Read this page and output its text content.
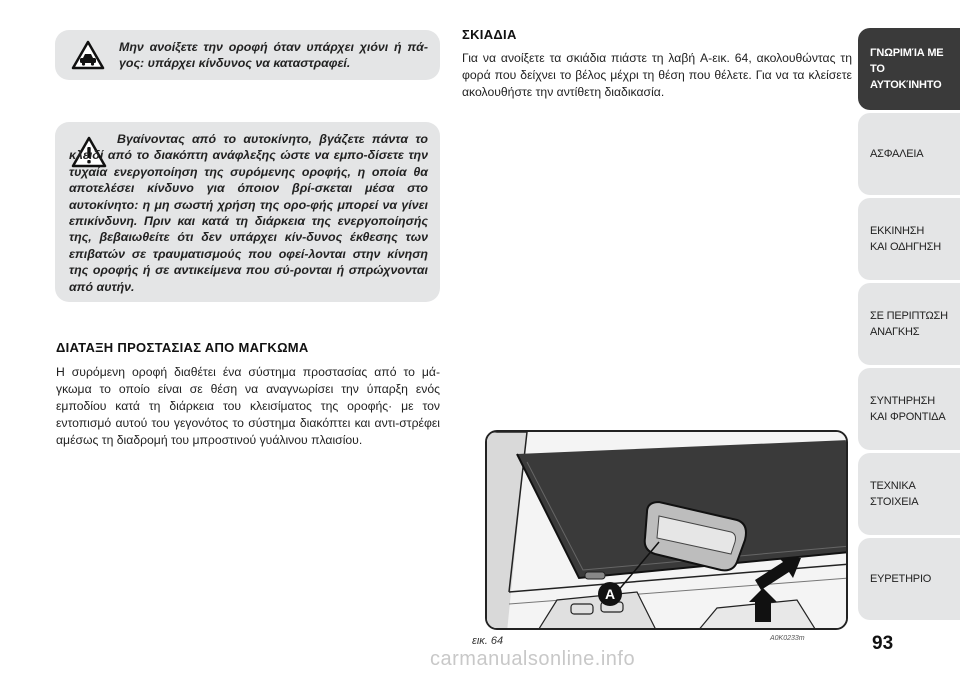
Μην ανοίξετε την οροφή όταν υπάρχει χιόνι ή πά-γος: υπάρχει κίνδυνος να καταστραφεί.

Βγαίνοντας από το αυτοκίνητο, βγάζετε πάντα το κλειδί από το διακόπτη ανάφλεξης ώστε να εμπο-δίσετε την τυχαία ενεργοποίηση της συρόμενης οροφής, η οποία θα αποτελέσει κίνδυνο για όποιον βρί-σκεται μέσα στο αυτοκίνητο: η μη σωστή χρήση της ορο-φής μπορεί να γίνει επικίνδυνη. Πριν και κατά τη διάρκεια της ενεργοποίησής της, βεβαιωθείτε ότι δεν υπάρχει κίν-δυνος έκθεσης των επιβατών σε τραυματισμούς που οφεί-λονται στην κίνηση της οροφής ή σε αντικείμενα που σύ-ρονται ή σπρώχνονται από αυτήν.

ΔΙΑΤΑΞΗ ΠΡΟΣΤΑΣΙΑΣ ΑΠΟ ΜΑΓΚΩΜΑ

Η συρόμενη οροφή διαθέτει ένα σύστημα προστασίας από το μά-γκωμα το οποίο είναι σε θέση να αναγνωρίσει την ύπαρξη ενός εμποδίου κατά τη διάρκεια του κλεισίματος της οροφής· με τον εντοπισμό αυτού του γεγονότος το σύστημα διακόπτει και αντι-στρέφει αμέσως τη διαδρομή του μπροστινού γυάλινου πλαισίου.

ΣΚΙΑΔΙΑ

Για να ανοίξετε τα σκιάδια πιάστε τη λαβή A-εικ. 64, ακολουθώντας τη φορά που δείχνει το βέλος μέχρι τη θέση που θέλετε. Για να τα κλείσετε ακολουθήστε την αντίθετη διαδικασία.

A
εικ. 64	A0K0233m
ΓΝΩΡΙΜΊΑ ΜΕ ΤΟ
ΑΥΤΟΚΊΝΗΤΟ
ΑΣΦΑΛΕΙΑ
ΕΚΚΙΝΗΣΗ
ΚΑΙ ΟΔΗΓΗΣΗ
ΣΕ ΠΕΡΙΠΤΩΣΗ
ΑΝΑΓΚΗΣ
ΣΥΝΤΗΡΗΣΗ
ΚΑΙ ΦΡΟΝΤΙΔΑ
ΤΕΧΝΙΚΑ
ΣΤΟΙΧΕΙΑ
ΕΥΡΕΤΗΡΙΟ
93
carmanualsonline.info
